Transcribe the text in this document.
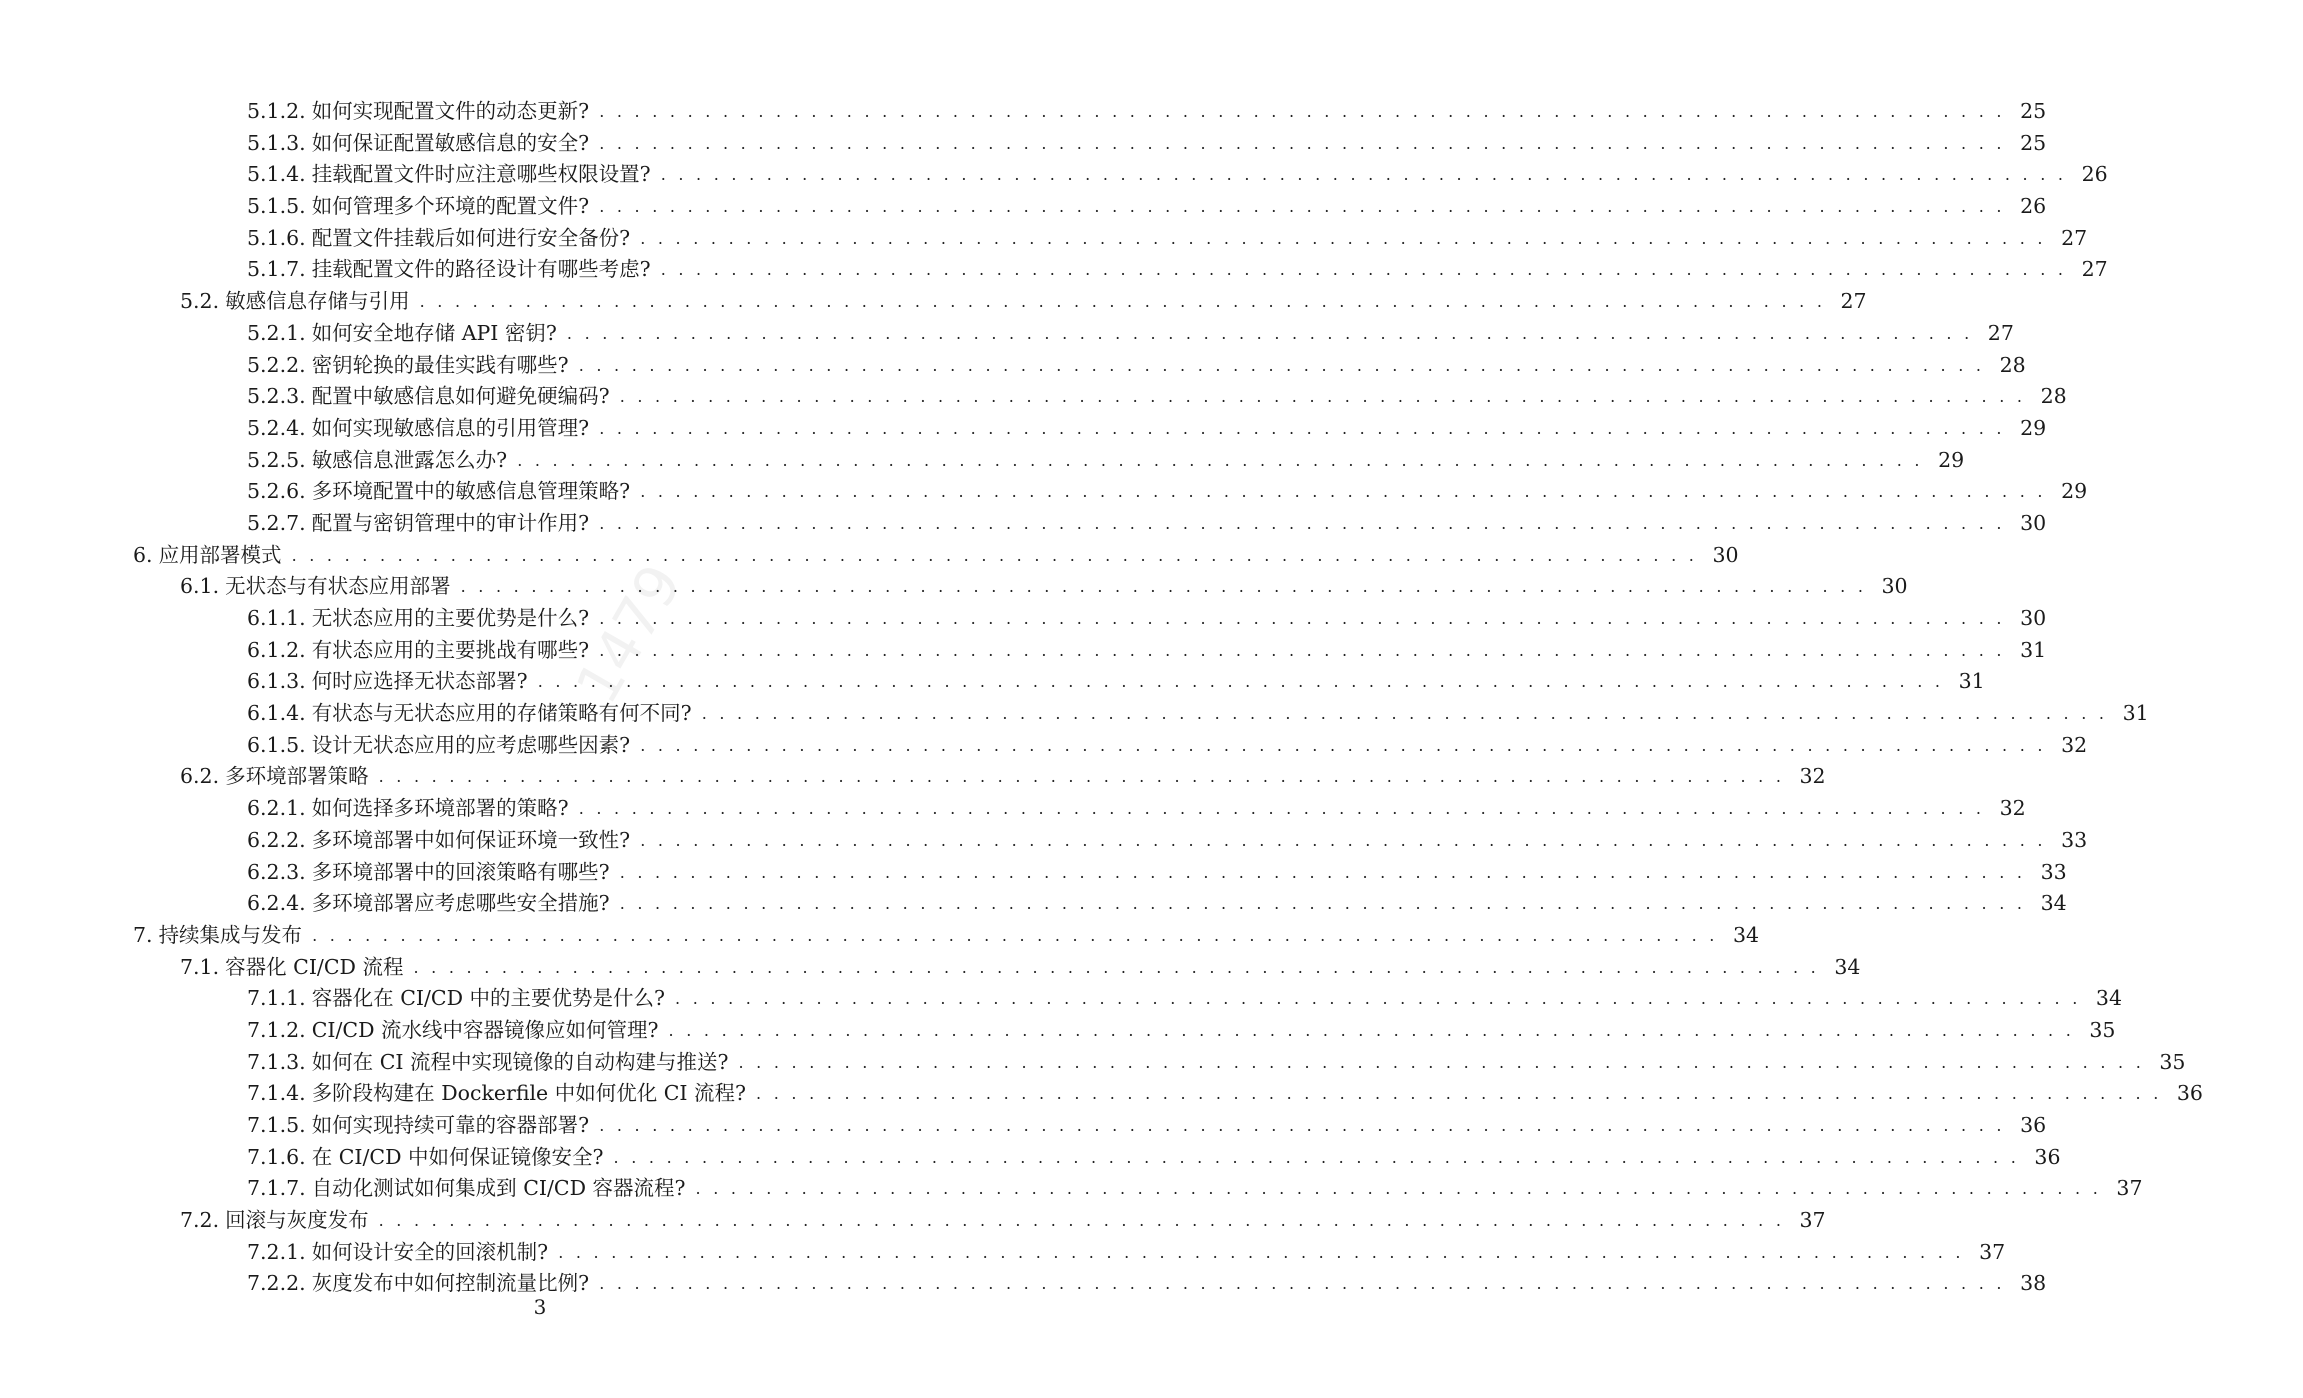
1479
5.1.2. 如何实现配置文件的动态更新? ................................................................................ 25
5.1.3. 如何保证配置敏感信息的安全? ................................................................................ 25
5.1.4. 挂载配置文件时应注意哪些权限设置? ................................................................................ 26
5.1.5. 如何管理多个环境的配置文件? ................................................................................ 26
5.1.6. 配置文件挂载后如何进行安全备份? ................................................................................ 27
5.1.7. 挂载配置文件的路径设计有哪些考虑? ................................................................................ 27
5.2. 敏感信息存储与引用 ................................................................................ 27
5.2.1. 如何安全地存储 API 密钥? ................................................................................ 27
5.2.2. 密钥轮换的最佳实践有哪些? ................................................................................ 28
5.2.3. 配置中敏感信息如何避免硬编码? ................................................................................ 28
5.2.4. 如何实现敏感信息的引用管理? ................................................................................ 29
5.2.5. 敏感信息泄露怎么办? ................................................................................ 29
5.2.6. 多环境配置中的敏感信息管理策略? ................................................................................ 29
5.2.7. 配置与密钥管理中的审计作用? ................................................................................ 30
6. 应用部署模式 ................................................................................ 30
6.1. 无状态与有状态应用部署 ................................................................................ 30
6.1.1. 无状态应用的主要优势是什么? ................................................................................ 30
6.1.2. 有状态应用的主要挑战有哪些? ................................................................................ 31
6.1.3. 何时应选择无状态部署? ................................................................................ 31
6.1.4. 有状态与无状态应用的存储策略有何不同? ................................................................................ 31
6.1.5. 设计无状态应用的应考虑哪些因素? ................................................................................ 32
6.2. 多环境部署策略 ................................................................................ 32
6.2.1. 如何选择多环境部署的策略? ................................................................................ 32
6.2.2. 多环境部署中如何保证环境一致性? ................................................................................ 33
6.2.3. 多环境部署中的回滚策略有哪些? ................................................................................ 33
6.2.4. 多环境部署应考虑哪些安全措施? ................................................................................ 34
7. 持续集成与发布 ................................................................................ 34
7.1. 容器化 CI/CD 流程 ................................................................................ 34
7.1.1. 容器化在 CI/CD 中的主要优势是什么? ................................................................................ 34
7.1.2. CI/CD 流水线中容器镜像应如何管理? ................................................................................ 35
7.1.3. 如何在 CI 流程中实现镜像的自动构建与推送? ................................................................................ 35
7.1.4. 多阶段构建在 Dockerfile 中如何优化 CI 流程? ................................................................................ 36
7.1.5. 如何实现持续可靠的容器部署? ................................................................................ 36
7.1.6. 在 CI/CD 中如何保证镜像安全? ................................................................................ 36
7.1.7. 自动化测试如何集成到 CI/CD 容器流程? ................................................................................ 37
7.2. 回滚与灰度发布 ................................................................................ 37
7.2.1. 如何设计安全的回滚机制? ................................................................................ 37
7.2.2. 灰度发布中如何控制流量比例? ................................................................................ 38
3
